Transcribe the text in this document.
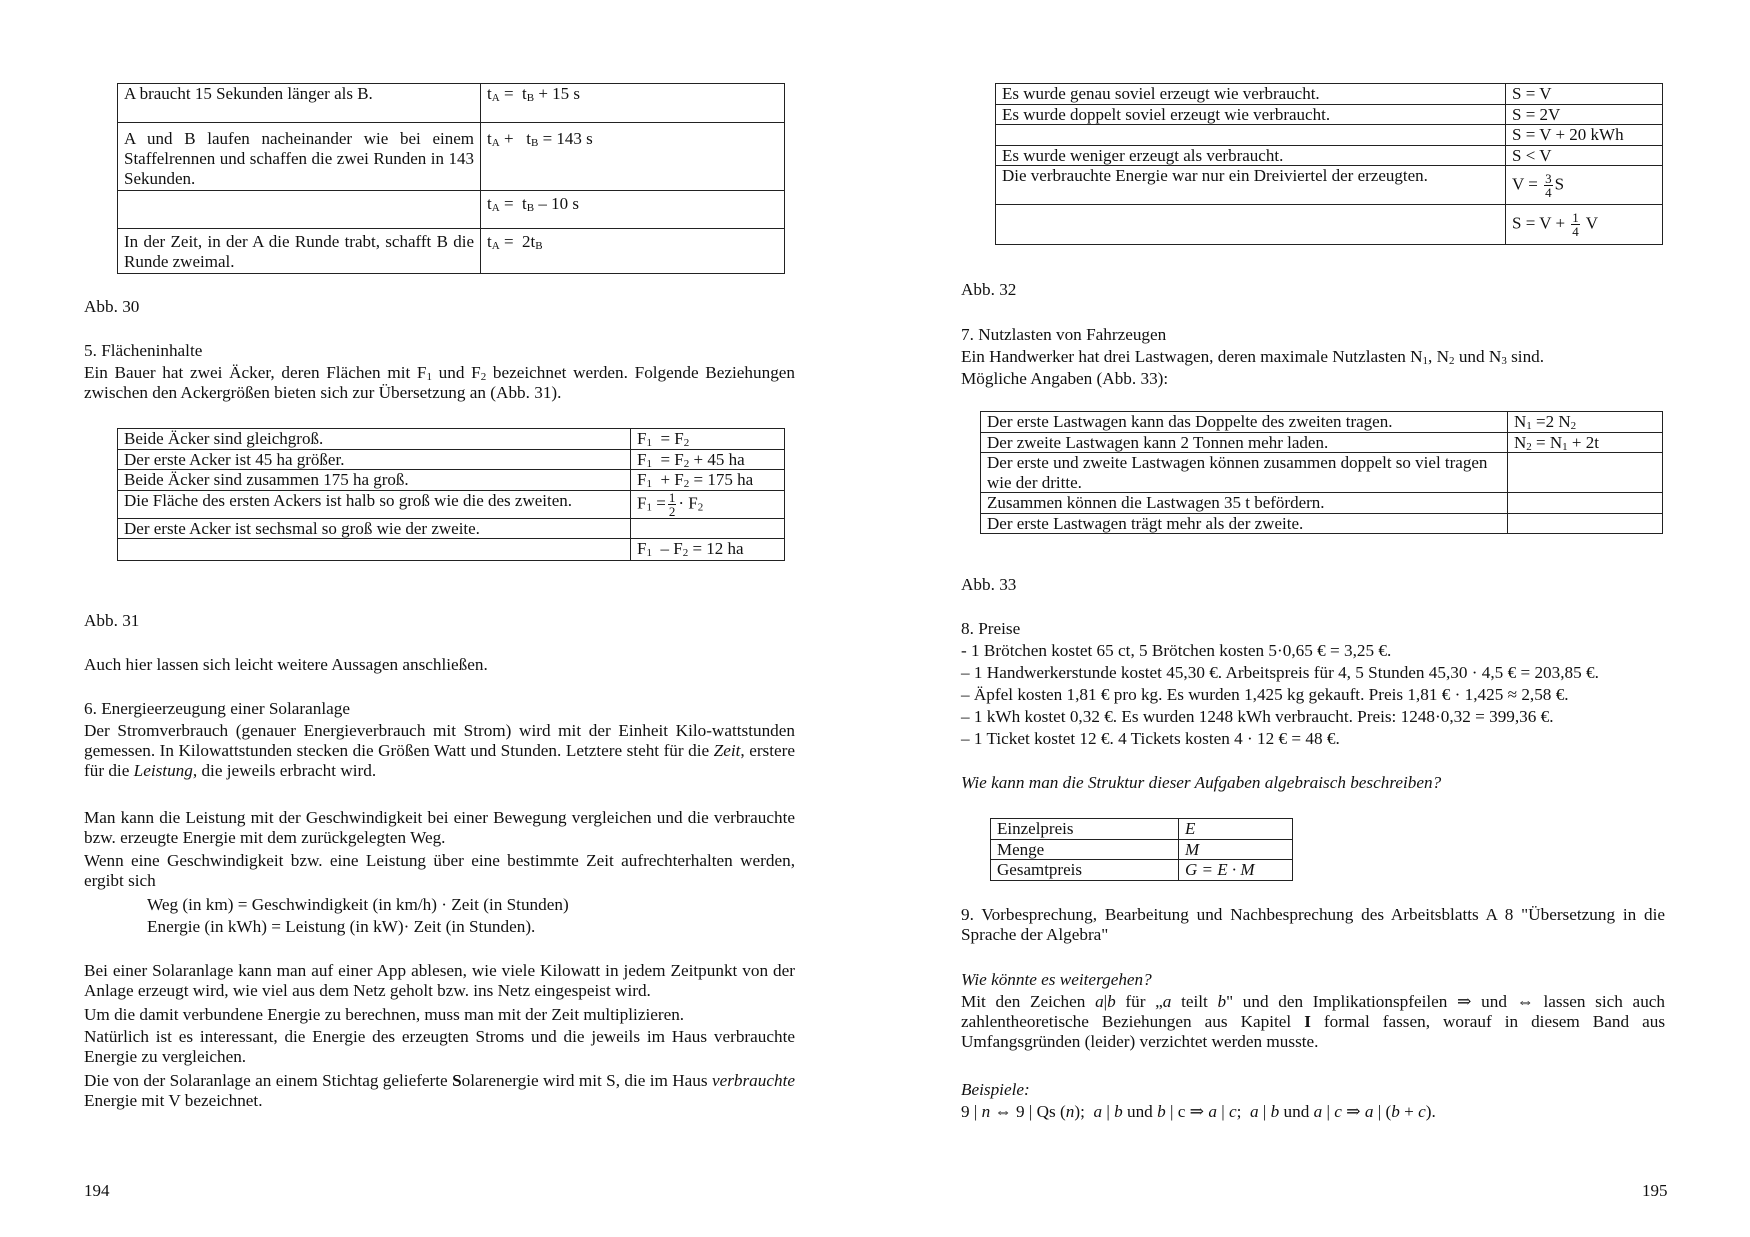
A braucht 15 Sekunden länger als B.	$t_A = t_B + 15$ s
A und B laufen nacheinander wie bei einem Staffelrennen und schaffen die zwei Runden in 143 Sekunden.	$t_A + t_B = 143$ s
	$t_A = t_B - 10$ s
In der Zeit, in der A die Runde trabt, schafft B die Runde zweimal.	$t_A = 2t_B$

Abb. 30

5. Flächeninhalte

Ein Bauer hat zwei Äcker, deren Flächen mit $F_1$ und $F_2$ bezeichnet werden. Folgende Beziehungen zwischen den Ackergrößen bieten sich zur Übersetzung an (Abb. 31).

Beide Äcker sind gleichgroß.	$F_1 = F_2$
Der erste Acker ist 45 ha größer.	$F_1 = F_2 + 45$ ha
Beide Äcker sind zusammen 175 ha groß.	$F_1 + F_2 = 175$ ha
Die Fläche des ersten Ackers ist halb so groß wie die des zweiten.	$F_1 = \frac{1}{2} \cdot F_2$
Der erste Acker ist sechsmal so groß wie der zweite.	
	$F_1 - F_2 = 12$ ha

Abb. 31

Auch hier lassen sich leicht weitere Aussagen anschließen.

6. Energieerzeugung einer Solaranlage

Der Stromverbrauch (genauer Energieverbrauch mit Strom) wird mit der Einheit Kilo-wattstunden gemessen. In Kilowattstunden stecken die Größen Watt und Stunden. Letztere steht für die Zeit, erstere für die Leistung, die jeweils erbracht wird.

Man kann die Leistung mit der Geschwindigkeit bei einer Bewegung vergleichen und die verbrauchte bzw. erzeugte Energie mit dem zurückgelegten Weg.

Wenn eine Geschwindigkeit bzw. eine Leistung über eine bestimmte Zeit aufrechterhalten werden, ergibt sich

Weg (in km) = Geschwindigkeit (in km/h) · Zeit (in Stunden)

Energie (in kWh) = Leistung (in kW)· Zeit (in Stunden).

Bei einer Solaranlage kann man auf einer App ablesen, wie viele Kilowatt in jedem Zeitpunkt von der Anlage erzeugt wird, wie viel aus dem Netz geholt bzw. ins Netz eingespeist wird.

Um die damit verbundene Energie zu berechnen, muss man mit der Zeit multiplizieren.

Natürlich ist es interessant, die Energie des erzeugten Stroms und die jeweils im Haus verbrauchte Energie zu vergleichen.

Die von der Solaranlage an einem Stichtag gelieferte Solarenergie wird mit S, die im Haus verbrauchte Energie mit V bezeichnet.

194

Es wurde genau soviel erzeugt wie verbraucht.	S = V
Es wurde doppelt soviel erzeugt wie verbraucht.	S = 2V
	S = V + 20 kWh
Es wurde weniger erzeugt als verbraucht.	S < V
Die verbrauchte Energie war nur ein Dreiviertel der erzeugten.	$V = \frac{3}{4}$ S
	$S = V + \frac{1}{4}$ V

Abb. 32

7. Nutzlasten von Fahrzeugen

Ein Handwerker hat drei Lastwagen, deren maximale Nutzlasten $N_1$, $N_2$ und $N_3$ sind.

Mögliche Angaben (Abb. 33):

Der erste Lastwagen kann das Doppelte des zweiten tragen.	$N_1 =2$ $N_2$
Der zweite Lastwagen kann 2 Tonnen mehr laden.	$N_2 = N_1 + 2t$
Der erste und zweite Lastwagen können zusammen doppelt so viel tragen wie der dritte.	
Zusammen können die Lastwagen 35 t befördern.	
Der erste Lastwagen trägt mehr als der zweite.	

Abb. 33

8. Preise

- 1 Brötchen kostet 65 ct, 5 Brötchen kosten 5·0,65 € = 3,25 €.

– 1 Handwerkerstunde kostet 45,30 €. Arbeitspreis für 4, 5 Stunden 45,30 · 4,5 € = 203,85 €.

– Äpfel kosten 1,81 € pro kg. Es wurden 1,425 kg gekauft. Preis 1,81 € · 1,425 ≈ 2,58 €.

– 1 kWh kostet 0,32 €. Es wurden 1248 kWh verbraucht. Preis: 1248·0,32 = 399,36 €.

– 1 Ticket kostet 12 €. 4 Tickets kosten 4 · 12 € = 48 €.

Wie kann man die Struktur dieser Aufgaben algebraisch beschreiben?

Einzelpreis	E
Menge	M
Gesamtpreis	G = E · M

9. Vorbesprechung, Bearbeitung und Nachbesprechung des Arbeitsblatts A 8 "Übersetzung in die Sprache der Algebra"

Wie könnte es weitergehen?

Mit den Zeichen a|b für „a teilt b" und den Implikationspfeilen ⇒ und ⇔ lassen sich auch zahlentheoretische Beziehungen aus Kapitel I formal fassen, worauf in diesem Band aus Umfangsgründen (leider) verzichtet werden musste.

Beispiele:

9 | n ⇔ 9 | Qs (n);  a | b und b | c ⇒ a | c;  a | b und a | c ⇒ a | (b + c).

195
